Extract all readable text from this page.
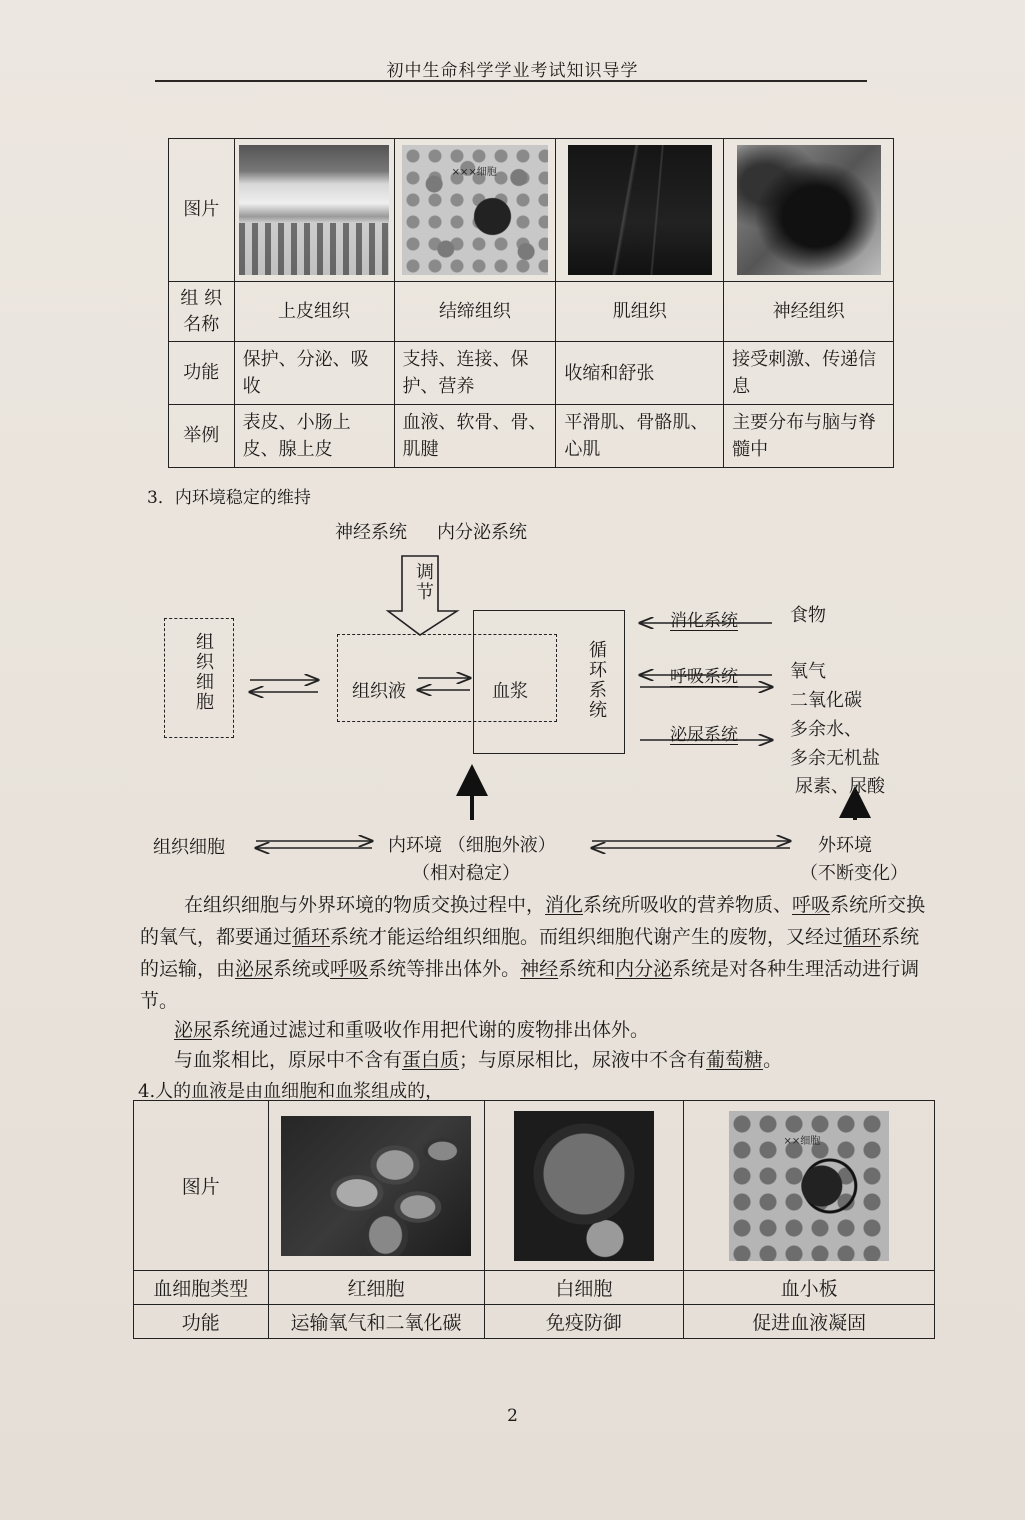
初中生命科学学业考试知识导学
图片		×××细胞		

组 织
名称	上皮组织	结缔组织	肌组织	神经组织
功能	保护、分泌、吸收	支持、连接、保护、营养	收缩和舒张	接受刺激、传递信息
举例	表皮、小肠上皮、腺上皮	血液、软骨、骨、肌腱	平滑肌、骨骼肌、心肌	主要分布与脑与脊髓中
3．内环境稳定的维持
神经系统 内分泌系统
调节
组织细胞	组织液	血浆	循环系统
消化系统
呼吸系统
泌尿系统
食物
氧气
二氧化碳
多余水、
多余无机盐
尿素、尿酸
组织细胞	内环境 （细胞外液）
（相对稳定）
外环境
（不断变化）
在组织细胞与外界环境的物质交换过程中，消化系统所吸收的营养物质、呼吸系统所交换的氧气，都要通过循环系统才能运给组织细胞。而组织细胞代谢产生的废物，又经过循环系统的运输，由泌尿系统或呼吸系统等排出体外。神经系统和内分泌系统是对各种生理活动进行调节。
泌尿系统通过滤过和重吸收作用把代谢的废物排出体外。
与血浆相比，原尿中不含有蛋白质；与原尿相比，尿液中不含有葡萄糖。
4.人的血液是由血细胞和血浆组成的，
图片			××细胞

血细胞类型	红细胞	白细胞	血小板
功能	运输氧气和二氧化碳	免疫防御	促进血液凝固
2
